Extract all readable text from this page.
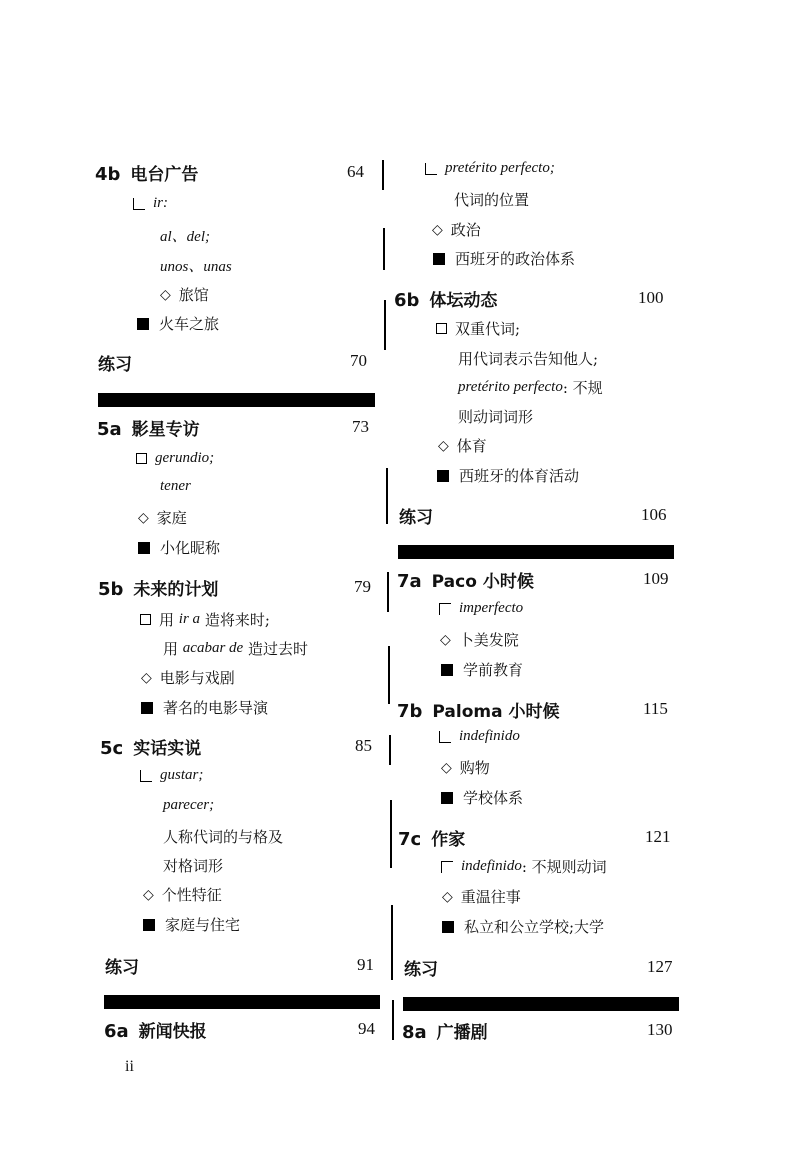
4b 电台广告	64
ir:
al、del;
unos、unas
◇ 旅馆
火车之旅
练习	70
5a 影星专访	73
gerundio;
tener
◇ 家庭
小化昵称
5b 未来的计划	79
用
ir a
造将来时;
用
acabar de
造过去时
◇ 电影与戏剧
著名的电影导演
5c 实话实说	85
gustar;
parecer;
人称代词的与格及
对格词形
◇ 个性特征
家庭与住宅
练习	91
6a 新闻快报	94
pretérito perfecto;
代词的位置
◇ 政治
西班牙的政治体系
6b 体坛动态	100
双重代词;
用代词表示告知他人;
pretérito perfecto : 不规
则动词词形
◇ 体育
西班牙的体育活动
练习	106
7a Paco 小时候	109
imperfecto
◇ 卜美发院
学前教育
7b Paloma 小时候	115
indefinido
◇ 购物
学校体系
7c 作家	121
indefinido : 不规则动词
◇ 重温往事
私立和公立学校;大学
练习	127
8a 广播剧	130
ii
